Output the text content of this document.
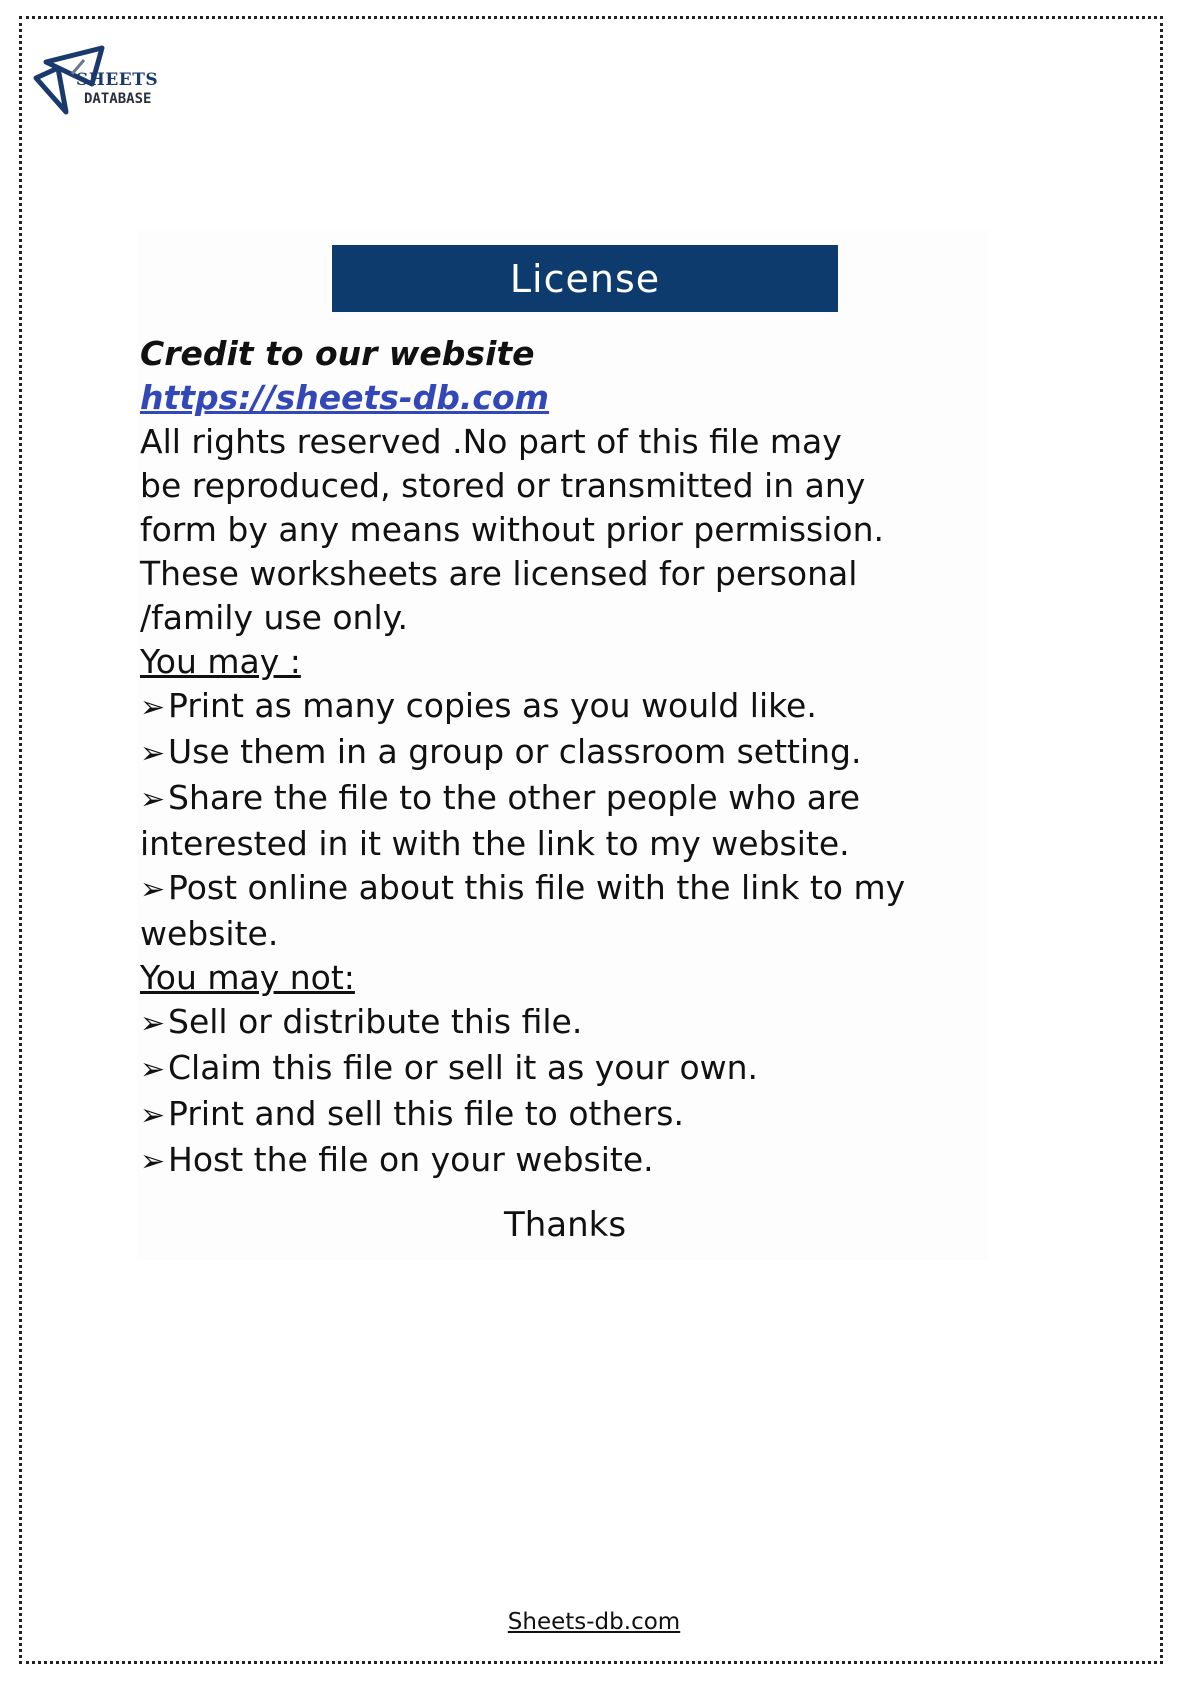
SHEETS
DATABASE
License
Credit to our website
https://sheets-db.com
All rights reserved .No part of this file may
be reproduced, stored or transmitted in any
form by any means without prior permission.
These worksheets are licensed for personal
/family use only.
You may :
➢Print as many copies as you would like.
➢Use them in a group or classroom setting.
➢Share the file to the other people who are
interested in it with the link to my website.
➢Post online about this file with the link to my
website.
You may not:
➢Sell or distribute this file.
➢Claim this file or sell it as your own.
➢Print and sell this file to others.
➢Host the file on your website.
Thanks
Sheets-db.com
